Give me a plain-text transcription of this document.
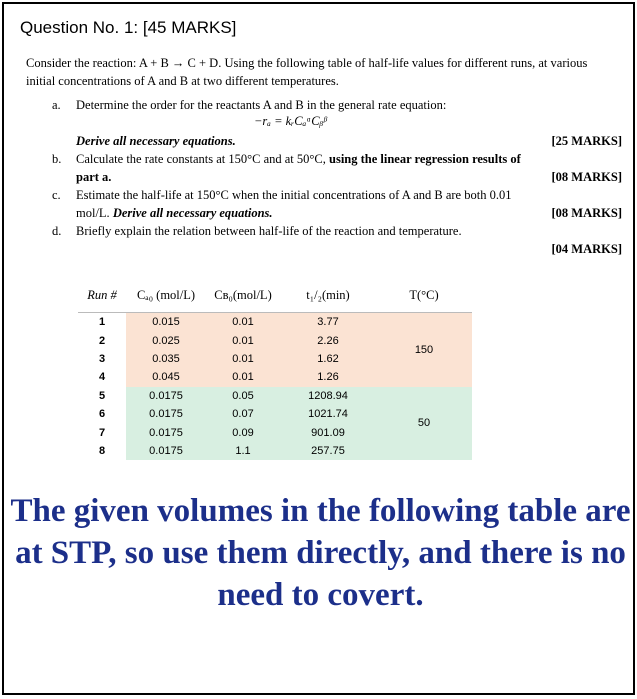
Question No. 1: [45 MARKS]
Consider the reaction: A + B → C + D. Using the following table of half-life values for different runs, at various initial concentrations of A and B at two different temperatures.
a. Determine the order for the reactants A and B in the general rate equation:
−rₐ = kᵣCₐᵅCᵦᵝ
Derive all necessary equations.	[25 MARKS]
b. Calculate the rate constants at 150°C and at 50°C, using the linear regression results of
part a.	[08 MARKS]
c. Estimate the half-life at 150°C when the initial concentrations of A and B are both 0.01
mol/L. Derive all necessary equations.	[08 MARKS]
d. Briefly explain the relation between half-life of the reaction and temperature.
[04 MARKS]
Run #	Cₐ₀ (mol/L)	Cʙ₀(mol/L)	t₁/₂(min)	T(°C)
1	0.015	0.01	3.77	150
2	0.025	0.01	2.26	
3	0.035	0.01	1.62	
4	0.045	0.01	1.26	
5	0.0175	0.05	1208.94	50
6	0.0175	0.07	1021.74	
7	0.0175	0.09	901.09	
8	0.0175	1.1	257.75	
The given volumes in the following table are at STP, so use them directly, and there is no need to covert.
